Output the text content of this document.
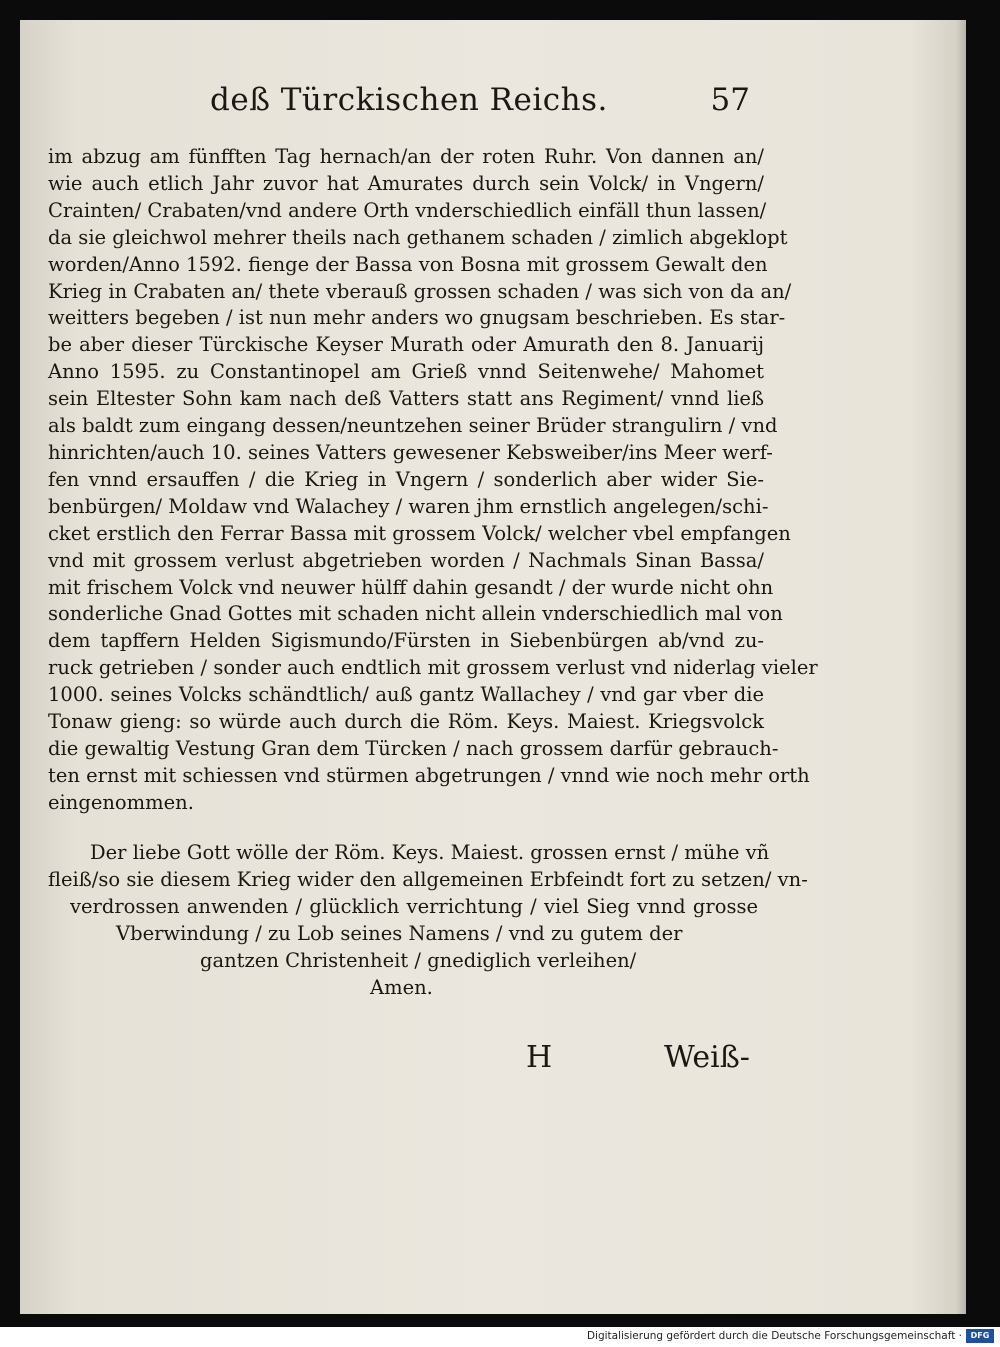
deß Türckischen Reichs.	57
im abzug am fünfften Tag hernach/an der roten Ruhr. Von dannen an/
wie auch etlich Jahr zuvor hat Amurates durch sein Volck/ in Vngern/
Crainten/ Crabaten/vnd andere Orth vnderschiedlich einfäll thun lassen/
da sie gleichwol mehrer theils nach gethanem schaden / zimlich abgeklopt
worden/Anno 1592. fienge der Bassa von Bosna mit grossem Gewalt den
Krieg in Crabaten an/ thete vberauß grossen schaden / was sich von da an/
weitters begeben / ist nun mehr anders wo gnugsam beschrieben. Es star-
be aber dieser Türckische Keyser Murath oder Amurath den 8. Januarij
Anno 1595. zu Constantinopel am Grieß vnnd Seitenwehe/ Mahomet
sein Eltester Sohn kam nach deß Vatters statt ans Regiment/ vnnd ließ
als baldt zum eingang dessen/neuntzehen seiner Brüder strangulirn / vnd
hinrichten/auch 10. seines Vatters gewesener Kebsweiber/ins Meer werf-
fen vnnd ersauffen / die Krieg in Vngern / sonderlich aber wider Sie-
benbürgen/ Moldaw vnd Walachey / waren jhm ernstlich angelegen/schi-
cket erstlich den Ferrar Bassa mit grossem Volck/ welcher vbel empfangen
vnd mit grossem verlust abgetrieben worden / Nachmals Sinan Bassa/
mit frischem Volck vnd neuwer hülff dahin gesandt / der wurde nicht ohn
sonderliche Gnad Gottes mit schaden nicht allein vnderschiedlich mal von
dem tapffern Helden Sigismundo/Fürsten in Siebenbürgen ab/vnd zu-
ruck getrieben / sonder auch endtlich mit grossem verlust vnd niderlag vieler
1000. seines Volcks schändtlich/ auß gantz Wallachey / vnd gar vber die
Tonaw gieng: so würde auch durch die Röm. Keys. Maiest. Kriegsvolck
die gewaltig Vestung Gran dem Türcken / nach grossem darfür gebrauch-
ten ernst mit schiessen vnd stürmen abgetrungen / vnnd wie noch mehr orth
eingenommen.
Der liebe Gott wölle der Röm. Keys. Maiest. grossen ernst / mühe vñ
fleiß/so sie diesem Krieg wider den allgemeinen Erbfeindt fort zu setzen/ vn-
verdrossen anwenden / glücklich verrichtung / viel Sieg vnnd grosse
Vberwindung / zu Lob seines Namens / vnd zu gutem der
gantzen Christenheit / gnediglich verleihen/
Amen.
H	Weiß-
Digitalisierung gefördert durch die Deutsche Forschungsgemeinschaft ·	DFG
